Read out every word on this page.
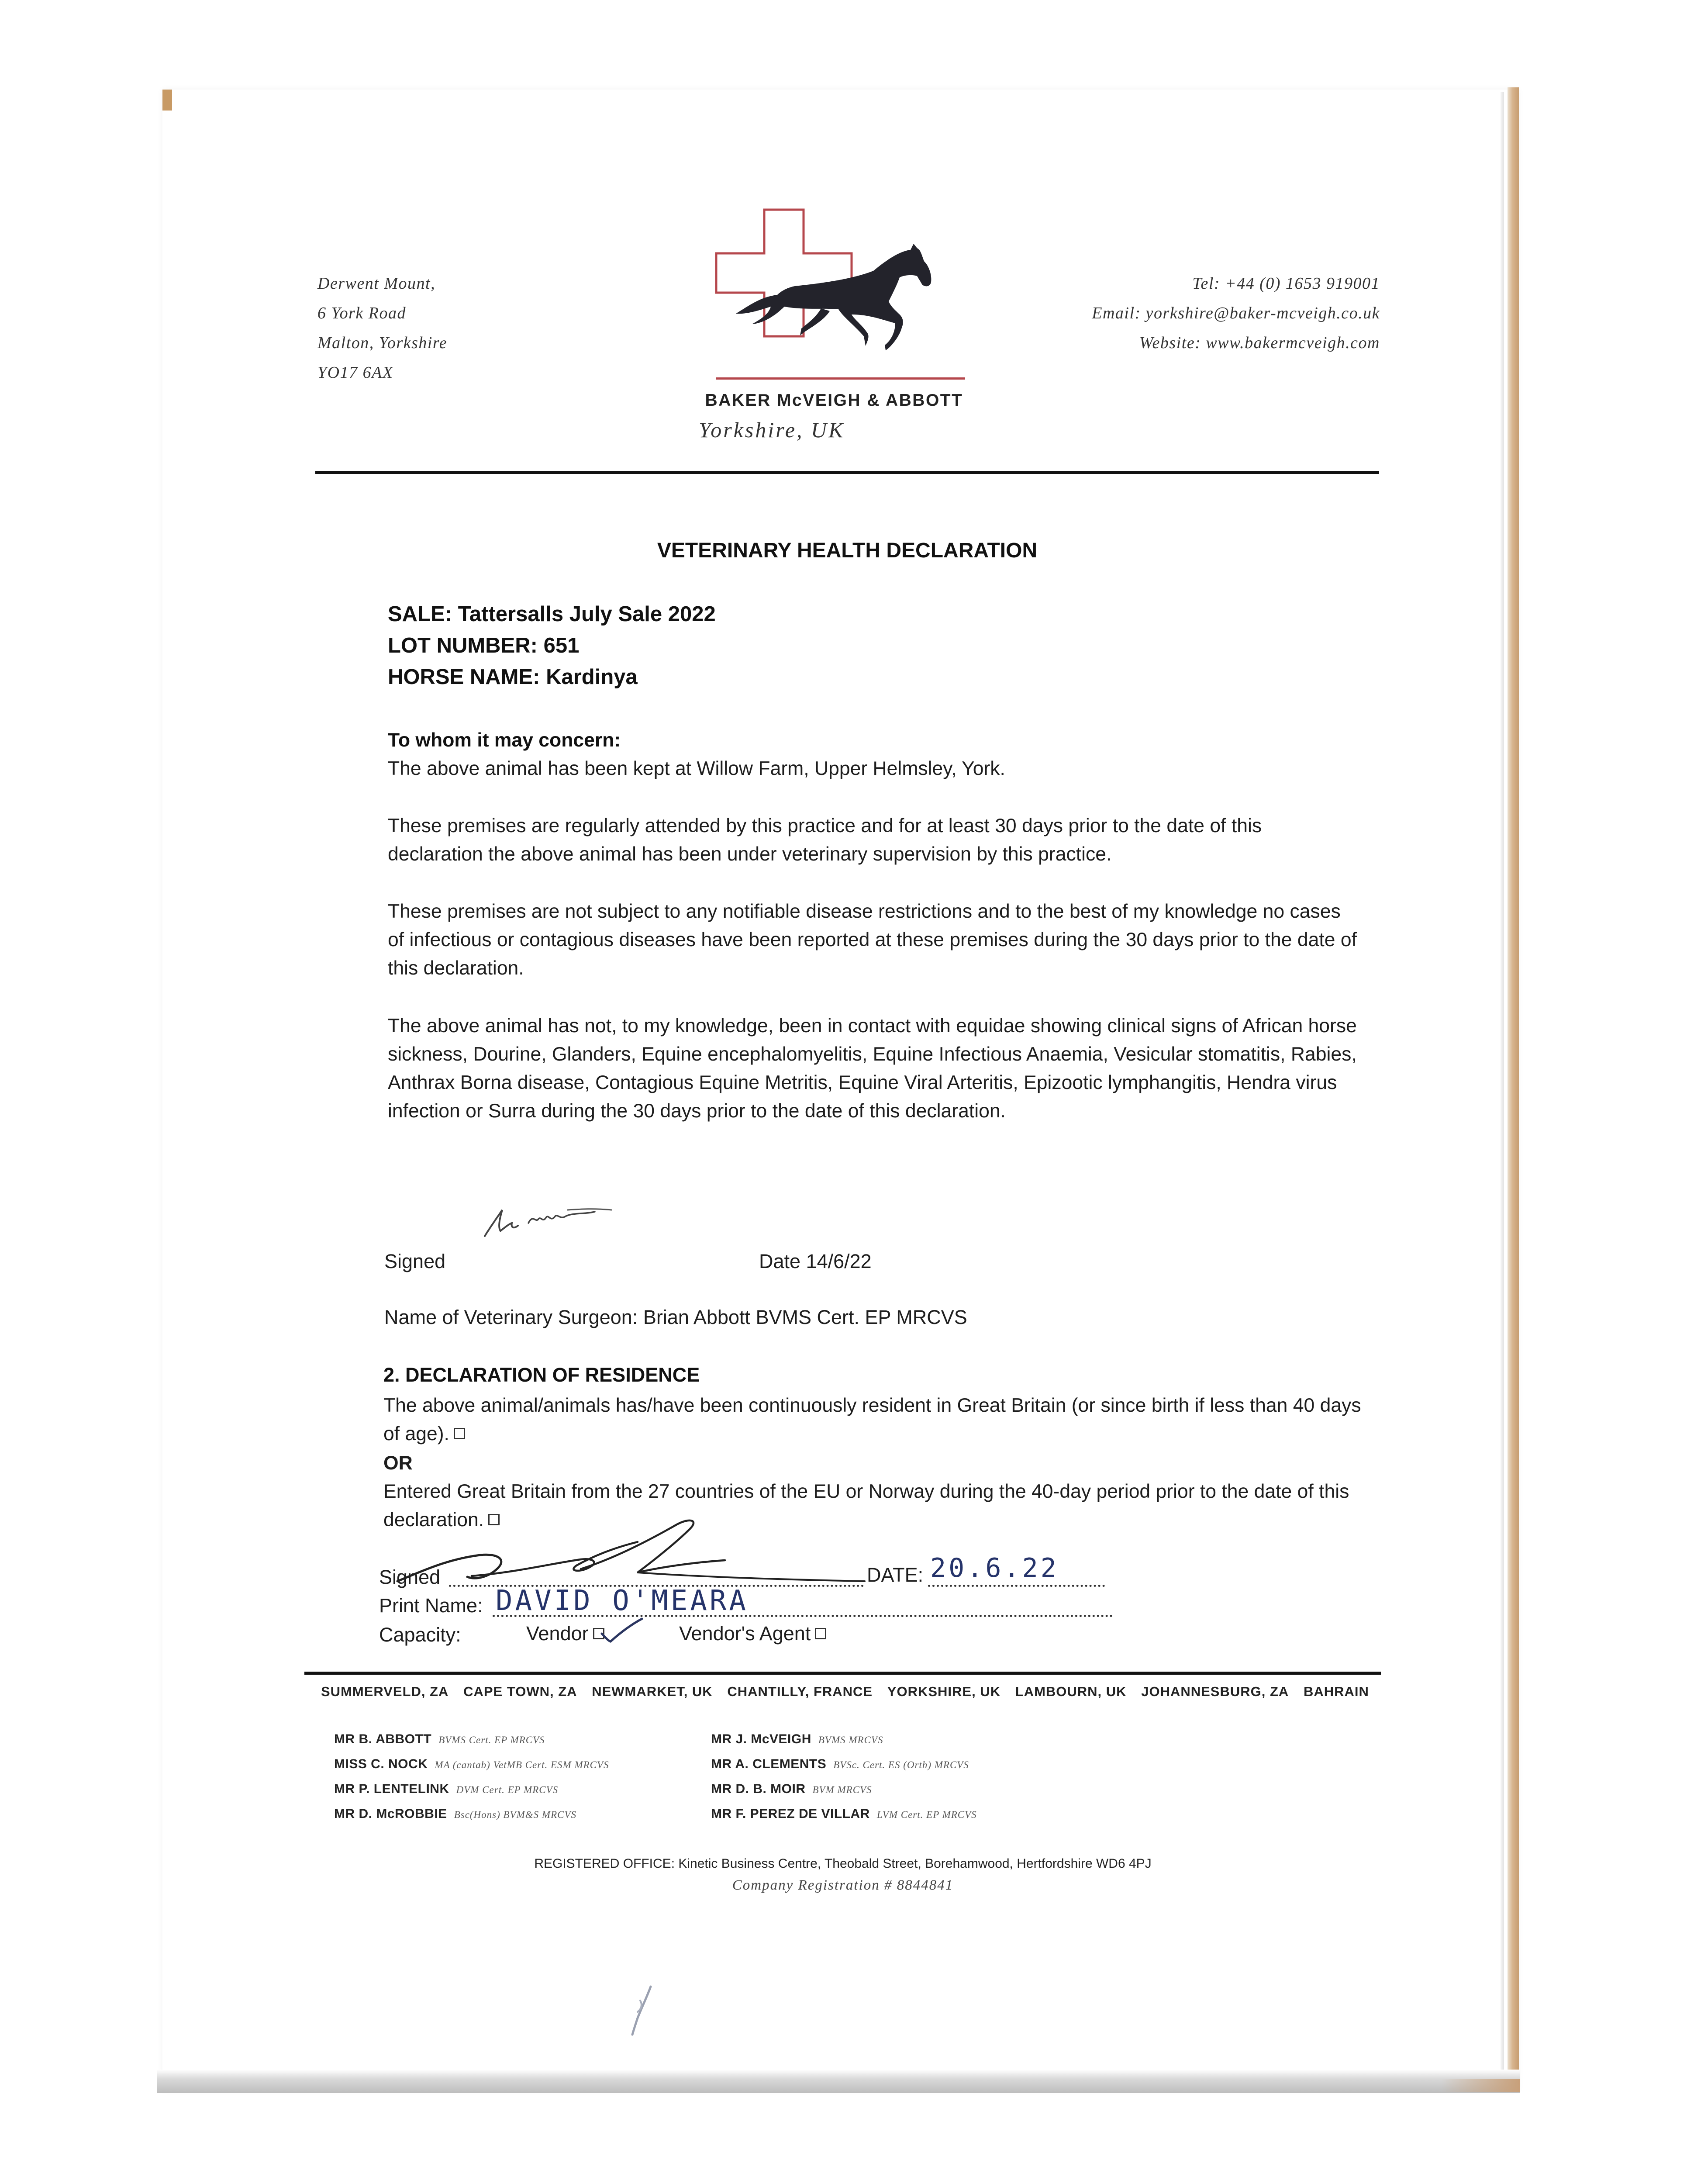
Derwent Mount,
6 York Road
Malton, Yorkshire
YO17 6AX
Tel: +44 (0) 1653 919001
Email: yorkshire@baker-mcveigh.co.uk
Website: www.bakermcveigh.com
BAKER McVEIGH & ABBOTT
Yorkshire, UK
VETERINARY HEALTH DECLARATION
SALE: Tattersalls July Sale 2022
LOT NUMBER: 651
HORSE NAME: Kardinya
To whom it may concern:
The above animal has been kept at Willow Farm, Upper Helmsley, York.
These premises are regularly attended by this practice and for at least 30 days prior to the date of this declaration the above animal has been under veterinary supervision by this practice.
These premises are not subject to any notifiable disease restrictions and to the best of my knowledge no cases of infectious or contagious diseases have been reported at these premises during the 30 days prior to the date of this declaration.
The above animal has not, to my knowledge, been in contact with equidae showing clinical signs of African horse sickness, Dourine, Glanders, Equine encephalomyelitis, Equine Infectious Anaemia, Vesicular stomatitis, Rabies, Anthrax Borna disease, Contagious Equine Metritis, Equine Viral Arteritis, Epizootic lymphangitis, Hendra virus infection or Surra during the 30 days prior to the date of this declaration.
Signed	Date 14/6/22
Name of Veterinary Surgeon: Brian Abbott BVMS Cert. EP MRCVS
2. DECLARATION OF RESIDENCE
The above animal/animals has/have been continuously resident in Great Britain (or since birth if less than 40 days of age).
OR
Entered Great Britain from the 27 countries of the EU or Norway during the 40-day period prior to the date of this declaration.
Signed	DATE: 20.6.22
Print Name: DAVID O'MEARA
Capacity:	Vendor	Vendor's Agent
SUMMERVELD, ZA CAPE TOWN, ZA NEWMARKET, UK CHANTILLY, FRANCE YORKSHIRE, UK LAMBOURN, UK JOHANNESBURG, ZA BAHRAIN
MR B. ABBOTT BVMS Cert. EP MRCVS
MISS C. NOCK MA (cantab) VetMB Cert. ESM MRCVS
MR P. LENTELINK DVM Cert. EP MRCVS
MR D. McROBBIE Bsc(Hons) BVM&S MRCVS
MR J. McVEIGH BVMS MRCVS
MR A. CLEMENTS BVSc. Cert. ES (Orth) MRCVS
MR D. B. MOIR BVM MRCVS
MR F. PEREZ DE VILLAR LVM Cert. EP MRCVS
REGISTERED OFFICE: Kinetic Business Centre, Theobald Street, Borehamwood, Hertfordshire WD6 4PJ
Company Registration # 8844841
